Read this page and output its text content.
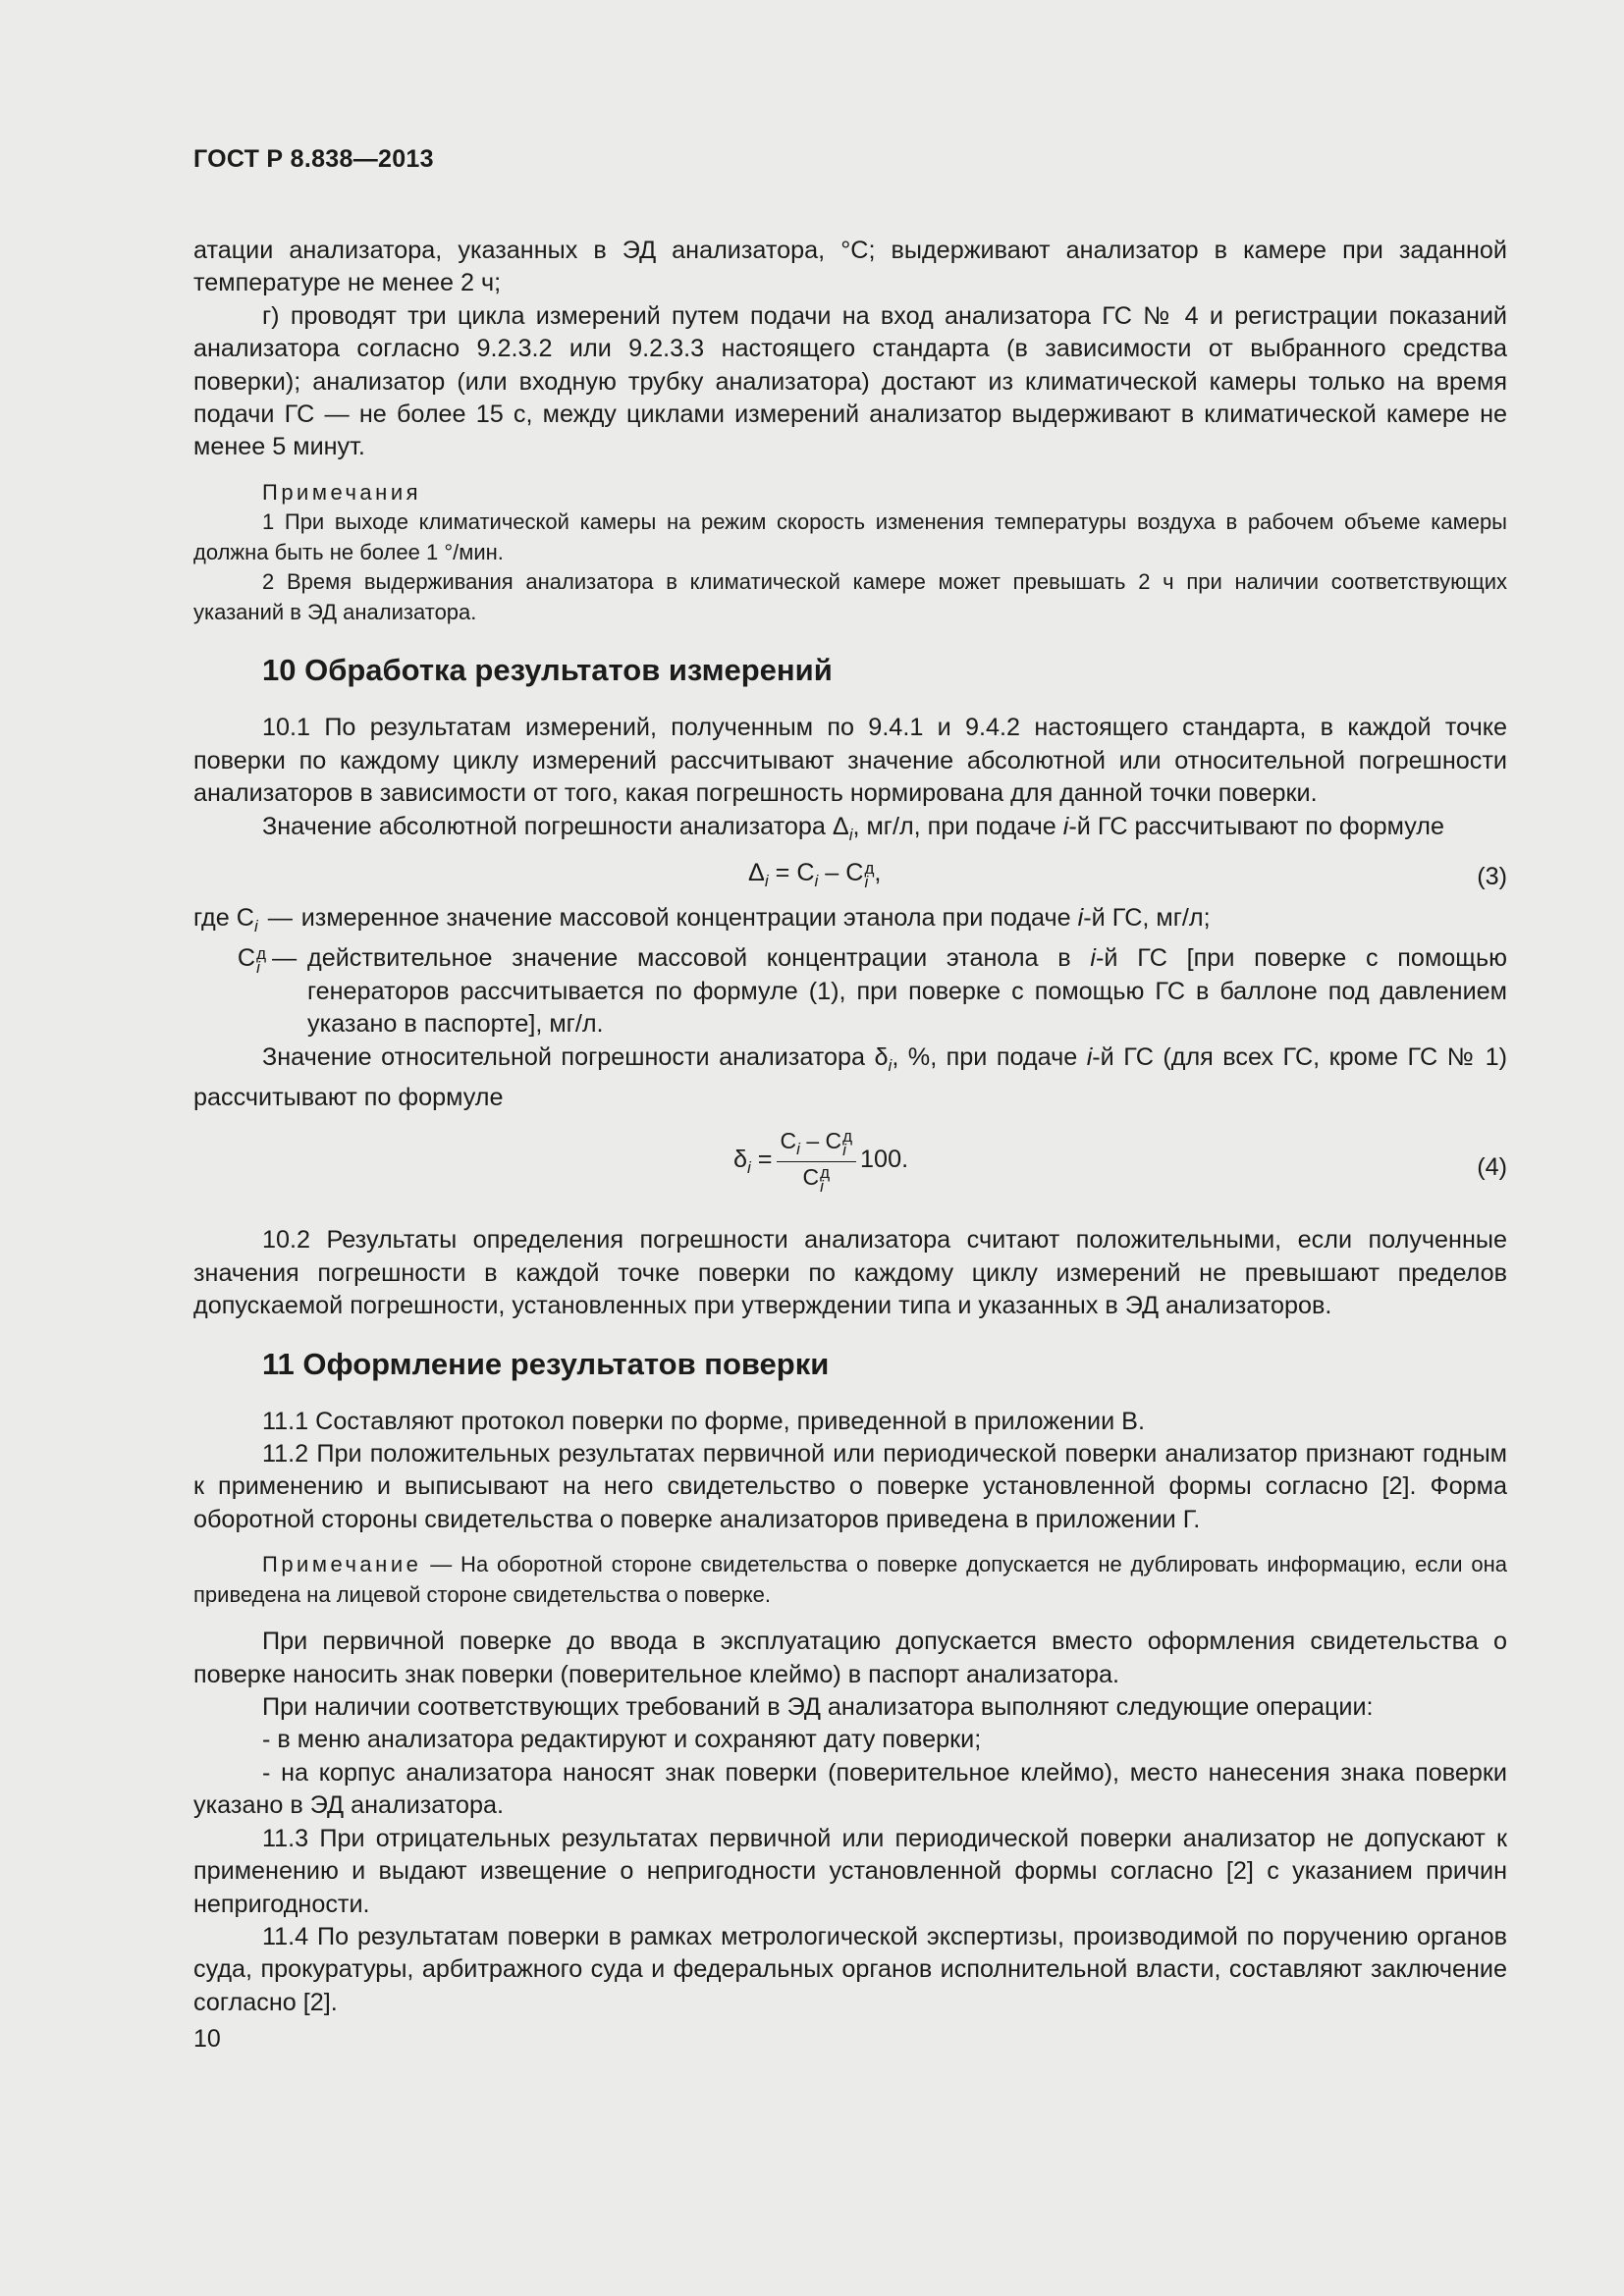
ГОСТ Р 8.838—2013

атации анализатора, указанных в ЭД анализатора, °С; выдерживают анализатор в камере при заданной температуре не менее 2 ч;

г) проводят три цикла измерений путем подачи на вход анализатора ГС № 4 и регистрации показаний анализатора согласно 9.2.3.2 или 9.2.3.3 настоящего стандарта (в зависимости от выбранного средства поверки); анализатор (или входную трубку анализатора) достают из климатической камеры только на время подачи ГС — не более 15 с, между циклами измерений анализатор выдерживают в климатической камере не менее 5 минут.

Примечания

1 При выходе климатической камеры на режим скорость изменения температуры воздуха в рабочем объеме камеры должна быть не более 1 °/мин.

2 Время выдерживания анализатора в климатической камере может превышать 2 ч при наличии соответствующих указаний в ЭД анализатора.

10 Обработка результатов измерений

10.1 По результатам измерений, полученным по 9.4.1 и 9.4.2 настоящего стандарта, в каждой точке поверки по каждому циклу измерений рассчитывают значение абсолютной или относительной погрешности анализаторов в зависимости от того, какая погрешность нормирована для данной точки поверки.

Значение абсолютной погрешности анализатора $\Delta_i$, мг/л, при подаче i-й ГС рассчитывают по формуле

$\Delta_i = С_i - С$ д
i ,	(3)
где $С_i$ — измеренное значение массовой концентрации этанола при подаче i-й ГС, мг/л;
С д
i — действительное значение массовой концентрации этанола в i-й ГС [при поверке с помощью генераторов рассчитывается по формуле (1), при поверке с помощью ГС в баллоне под давлением указано в паспорте], мг/л.

Значение относительной погрешности анализатора $\delta_i$, %, при подаче i-й ГС (для всех ГС, кроме ГС № 1) рассчитывают по формуле

$\delta_i = С_i - С$ д
i
С д
i 100.	(4)

10.2 Результаты определения погрешности анализатора считают положительными, если полученные значения погрешности в каждой точке поверки по каждому циклу измерений не превышают пределов допускаемой погрешности, установленных при утверждении типа и указанных в ЭД анализаторов.

11 Оформление результатов поверки

11.1 Составляют протокол поверки по форме, приведенной в приложении В.

11.2 При положительных результатах первичной или периодической поверки анализатор признают годным к применению и выписывают на него свидетельство о поверке установленной формы согласно [2]. Форма оборотной стороны свидетельства о поверке анализаторов приведена в приложении Г.

Примечание — На оборотной стороне свидетельства о поверке допускается не дублировать информацию, если она приведена на лицевой стороне свидетельства о поверке.

При первичной поверке до ввода в эксплуатацию допускается вместо оформления свидетельства о поверке наносить знак поверки (поверительное клеймо) в паспорт анализатора.

При наличии соответствующих требований в ЭД анализатора выполняют следующие операции:

- в меню анализатора редактируют и сохраняют дату поверки;

- на корпус анализатора наносят знак поверки (поверительное клеймо), место нанесения знака поверки указано в ЭД анализатора.

11.3 При отрицательных результатах первичной или периодической поверки анализатор не допускают к применению и выдают извещение о непригодности установленной формы согласно [2] с указанием причин непригодности.

11.4 По результатам поверки в рамках метрологической экспертизы, производимой по поручению органов суда, прокуратуры, арбитражного суда и федеральных органов исполнительной власти, составляют заключение согласно [2].

10
